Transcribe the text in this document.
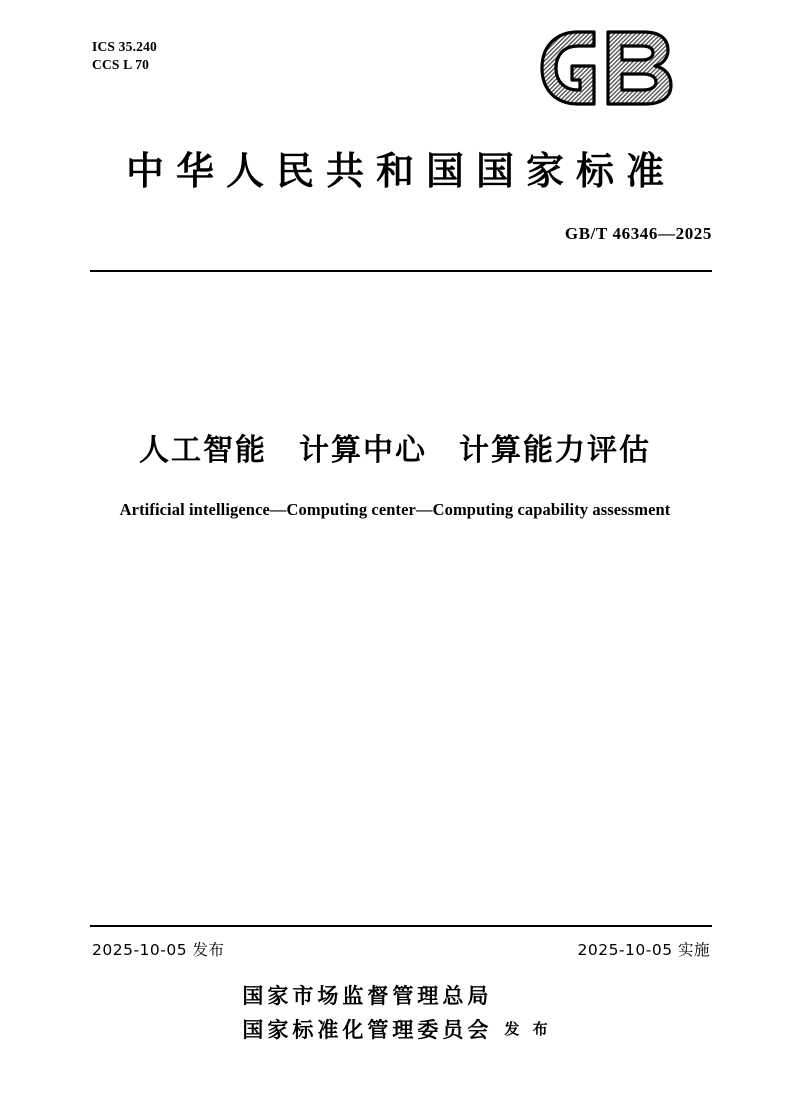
ICS 35.240
CCS L 70
中华人民共和国国家标准
GB/T 46346—2025
人工智能　计算中心　计算能力评估
Artificial intelligence—Computing center—Computing capability assessment
2025-10-05 发布	2025-10-05 实施
国家市场监督管理总局
国家标准化管理委员会 发 布
